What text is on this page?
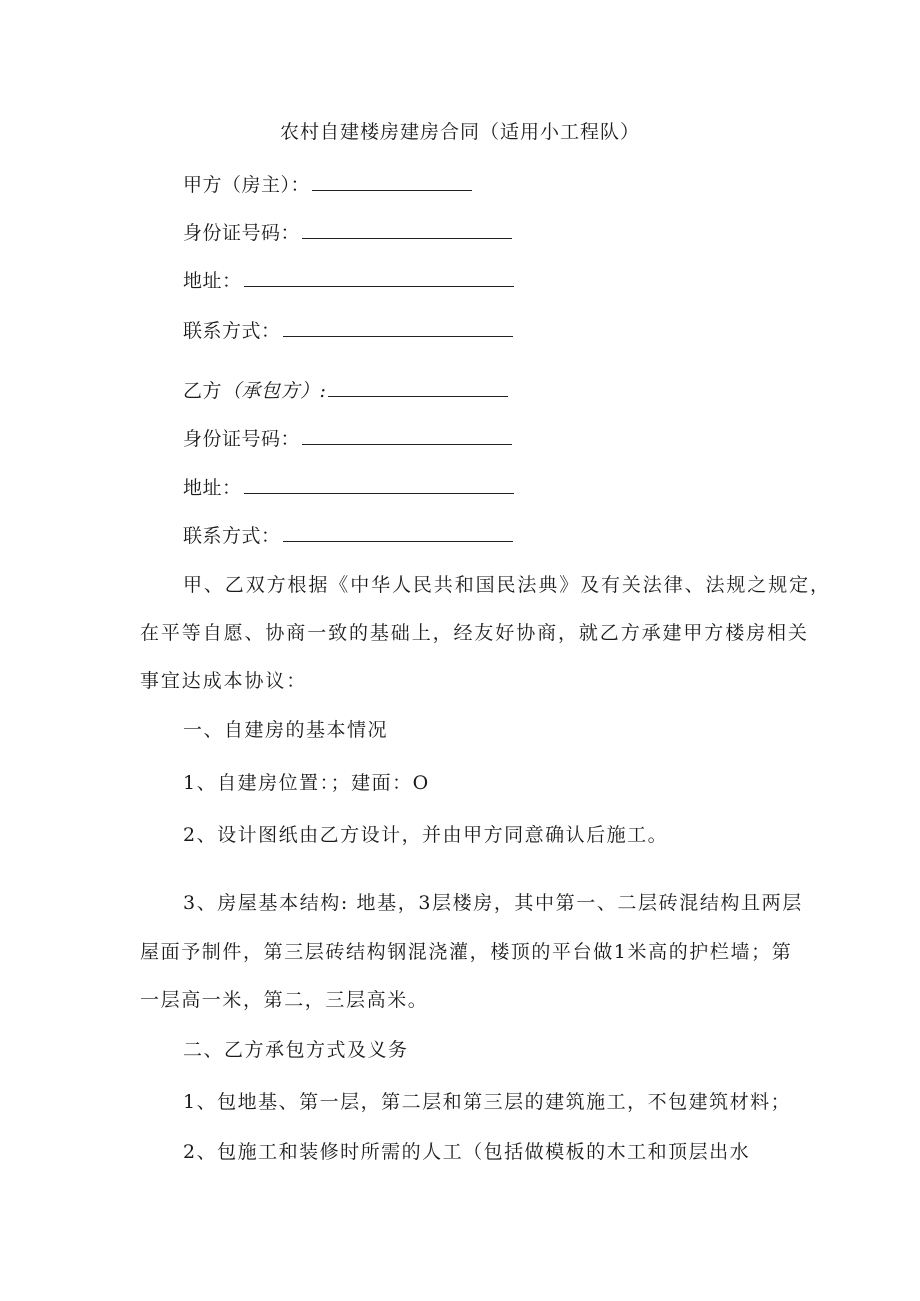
农村自建楼房建房合同（适用小工程队）
甲方（房主）：
身份证号码：
地址：
联系方式：
乙方（承包方）:
身份证号码：
地址：
联系方式：
甲、乙双方根据《中华人民共和国民法典》及有关法律、法规之规定，
在平等自愿、协商一致的基础上，经友好协商，就乙方承建甲方楼房相关
事宜达成本协议：
一、自建房的基本情况
1、自建房位置：；建面：O
2、设计图纸由乙方设计，并由甲方同意确认后施工。
3、房屋基本结构: 地基，3层楼房，其中第一、二层砖混结构且两层
屋面予制件，第三层砖结构钢混浇灌，楼顶的平台做1米高的护栏墙；第
一层高一米，第二，三层高米。
二、乙方承包方式及义务
1、包地基、第一层，第二层和第三层的建筑施工，不包建筑材料；
2、包施工和装修时所需的人工（包括做模板的木工和顶层出水
